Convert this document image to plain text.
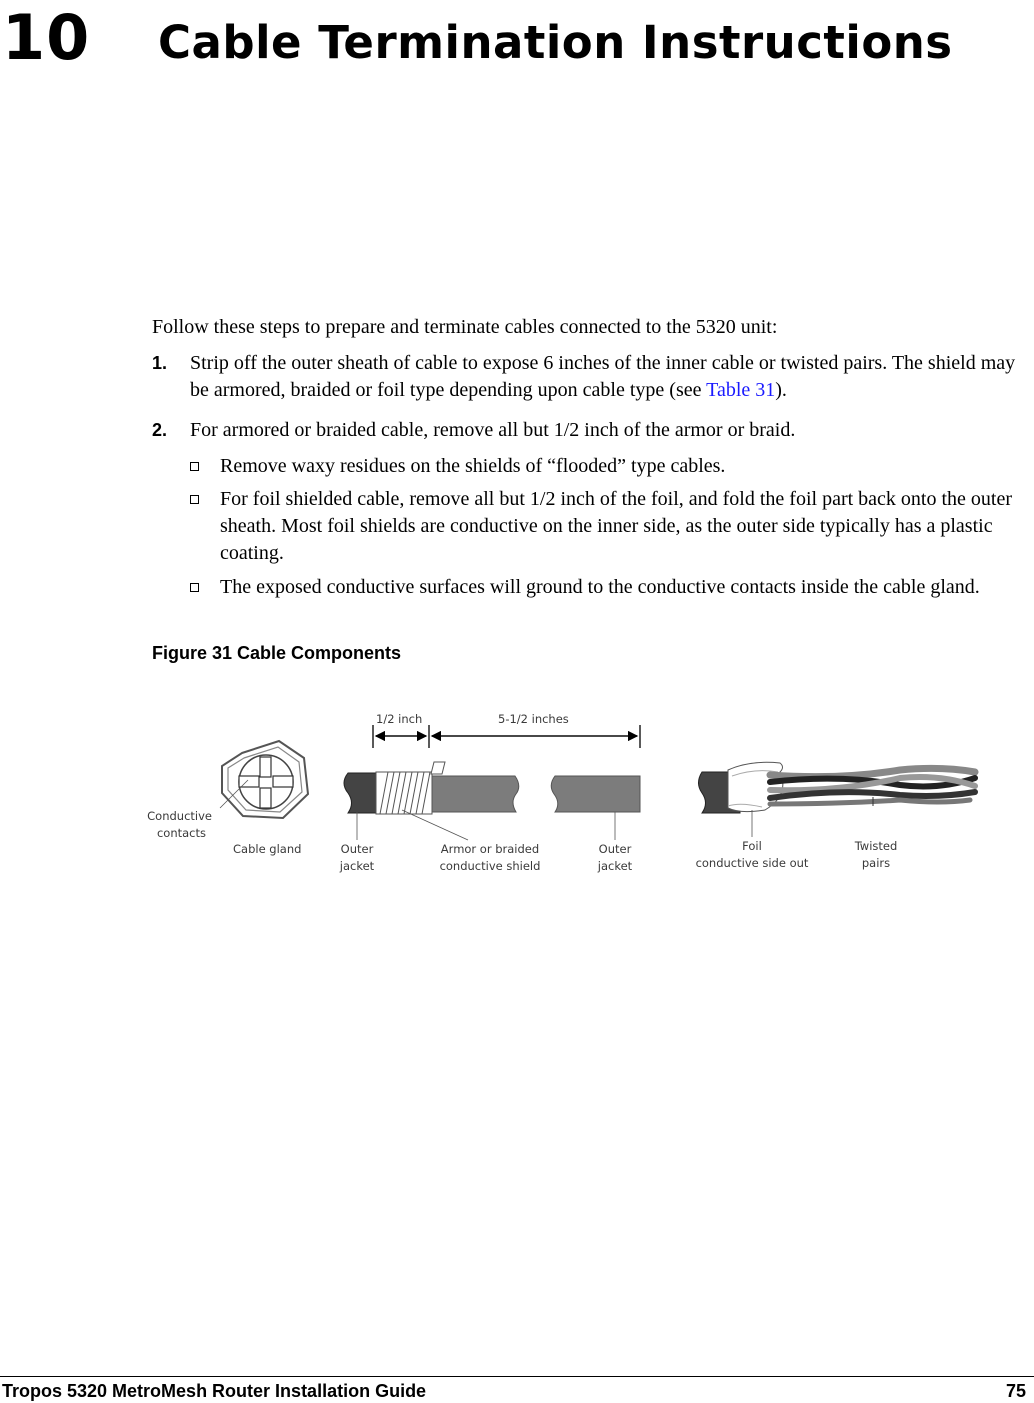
10 Cable Termination Instructions
Follow these steps to prepare and terminate cables connected to the 5320 unit:
1. Strip off the outer sheath of cable to expose 6 inches of the inner cable or twisted pairs. The shield may be armored, braided or foil type depending upon cable type (see Table 31).
2. For armored or braided cable, remove all but 1/2 inch of the armor or braid.
Remove waxy residues on the shields of “flooded” type cables.
For foil shielded cable, remove all but 1/2 inch of the foil, and fold the foil part back onto the outer sheath. Most foil shields are conductive on the inner side, as the outer side typically has a plastic coating.
The exposed conductive surfaces will ground to the conductive contacts inside the cable gland.
Figure 31 Cable Components
1/2 inch	5-1/2 inches
Conductive
contacts
Cable gland	Outer
jacket
Armor or braided
conductive shield
Outer
jacket
Foil
conductive side out
Twisted
pairs
Tropos 5320 MetroMesh Router Installation Guide	75
